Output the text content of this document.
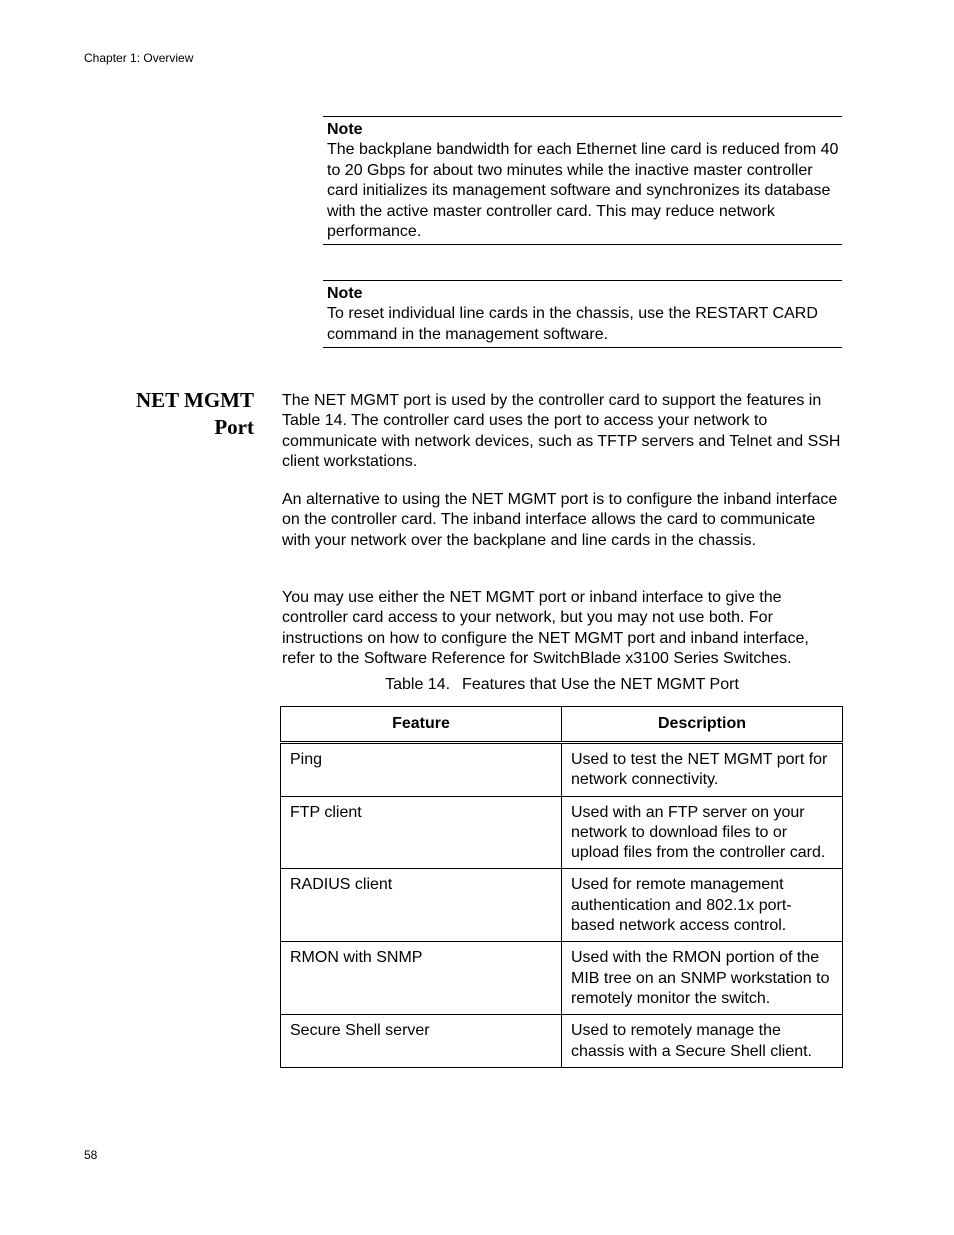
Chapter 1: Overview
Note
The backplane bandwidth for each Ethernet line card is reduced from 40 to 20 Gbps for about two minutes while the inactive master controller card initializes its management software and synchronizes its database with the active master controller card. This may reduce network performance.
Note
To reset individual line cards in the chassis, use the RESTART CARD command in the management software.
NET MGMT
Port

The NET MGMT port is used by the controller card to support the features in Table 14. The controller card uses the port to access your network to communicate with network devices, such as TFTP servers and Telnet and SSH client workstations.

An alternative to using the NET MGMT port is to configure the inband interface on the controller card. The inband interface allows the card to communicate with your network over the backplane and line cards in the chassis.

You may use either the NET MGMT port or inband interface to give the controller card access to your network, but you may not use both. For instructions on how to configure the NET MGMT port and inband interface, refer to the Software Reference for SwitchBlade x3100 Series Switches.

Table 14. Features that Use the NET MGMT Port
Feature	Description
Ping	Used to test the NET MGMT port for network connectivity.
FTP client	Used with an FTP server on your network to download files to or upload files from the controller card.
RADIUS client	Used for remote management authentication and 802.1x port-based network access control.
RMON with SNMP	Used with the RMON portion of the MIB tree on an SNMP workstation to remotely monitor the switch.
Secure Shell server	Used to remotely manage the chassis with a Secure Shell client.
58
